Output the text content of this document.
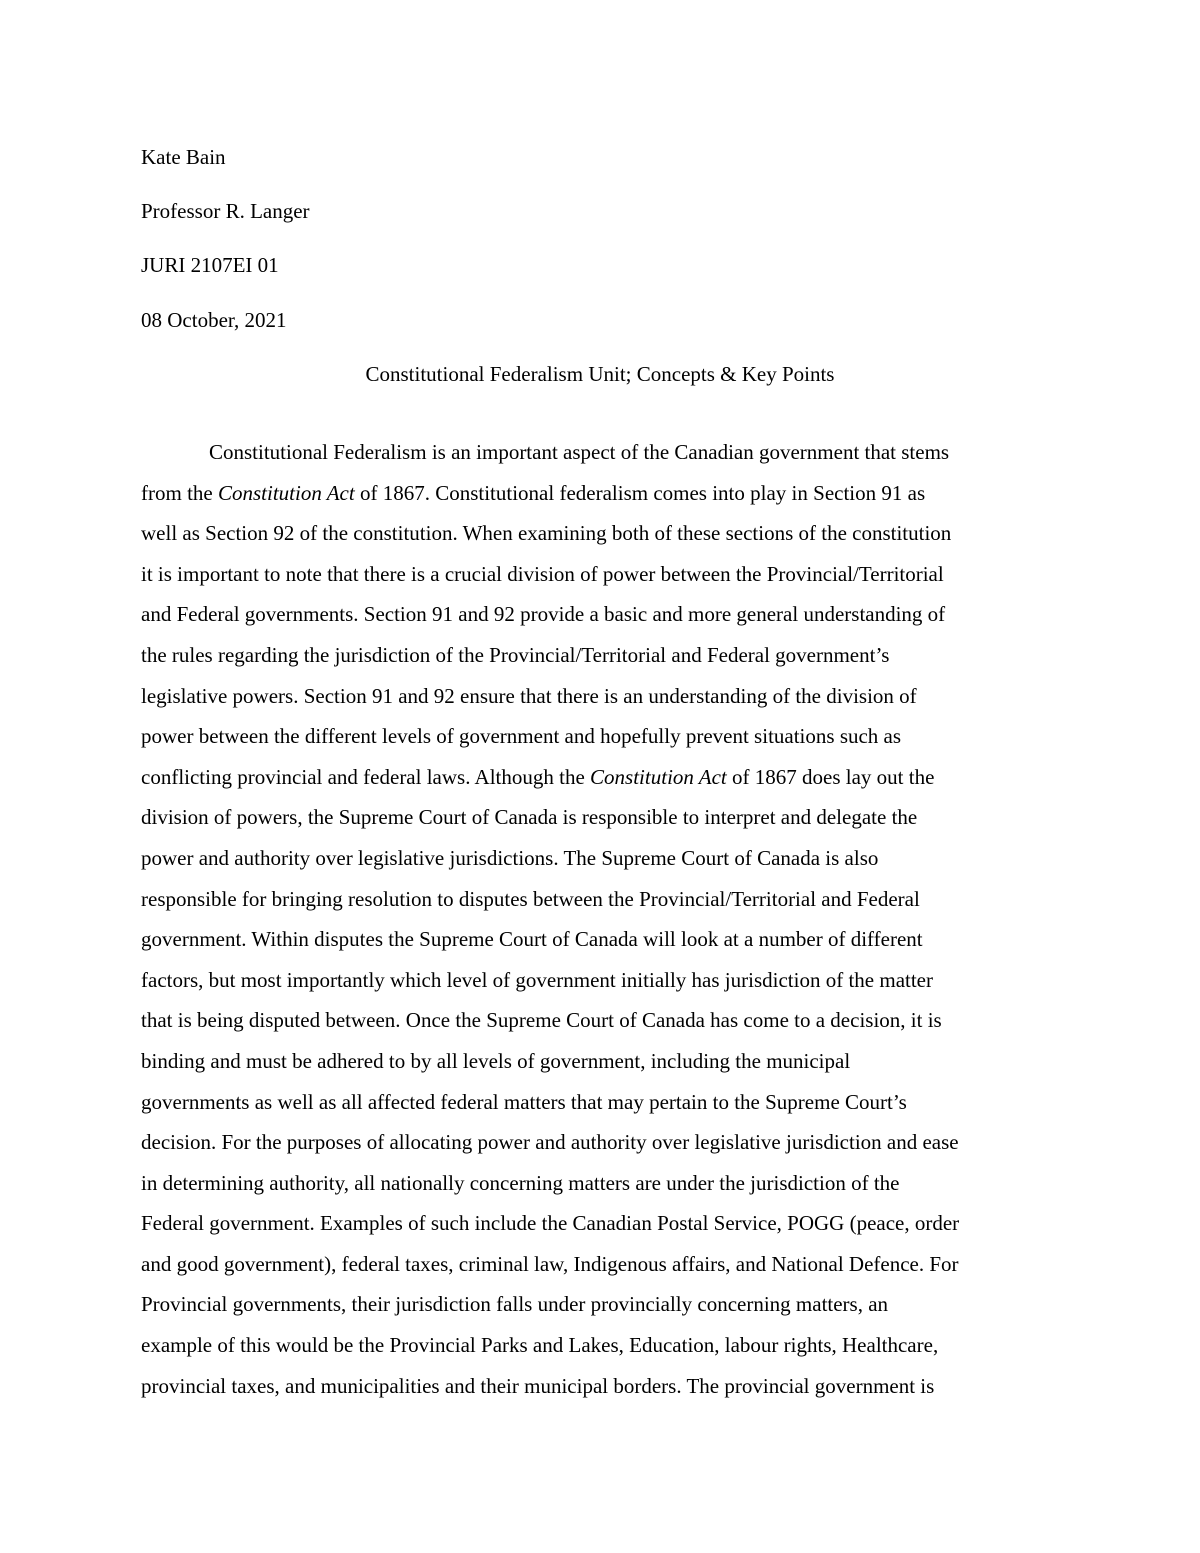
Kate Bain

Professor R. Langer

JURI 2107EI 01

08 October, 2021

Constitutional Federalism Unit; Concepts & Key Points

Constitutional Federalism is an important aspect of the Canadian government that stems
from the Constitution Act of 1867. Constitutional federalism comes into play in Section 91 as
well as Section 92 of the constitution. When examining both of these sections of the constitution
it is important to note that there is a crucial division of power between the Provincial/Territorial
and Federal governments. Section 91 and 92 provide a basic and more general understanding of
the rules regarding the jurisdiction of the Provincial/Territorial and Federal government’s
legislative powers. Section 91 and 92 ensure that there is an understanding of the division of
power between the different levels of government and hopefully prevent situations such as
conflicting provincial and federal laws. Although the Constitution Act of 1867 does lay out the
division of powers, the Supreme Court of Canada is responsible to interpret and delegate the
power and authority over legislative jurisdictions. The Supreme Court of Canada is also
responsible for bringing resolution to disputes between the Provincial/Territorial and Federal
government. Within disputes the Supreme Court of Canada will look at a number of different
factors, but most importantly which level of government initially has jurisdiction of the matter
that is being disputed between. Once the Supreme Court of Canada has come to a decision, it is
binding and must be adhered to by all levels of government, including the municipal
governments as well as all affected federal matters that may pertain to the Supreme Court’s
decision. For the purposes of allocating power and authority over legislative jurisdiction and ease
in determining authority, all nationally concerning matters are under the jurisdiction of the
Federal government. Examples of such include the Canadian Postal Service, POGG (peace, order
and good government), federal taxes, criminal law, Indigenous affairs, and National Defence. For
Provincial governments, their jurisdiction falls under provincially concerning matters, an
example of this would be the Provincial Parks and Lakes, Education, labour rights, Healthcare,
provincial taxes, and municipalities and their municipal borders. The provincial government is
